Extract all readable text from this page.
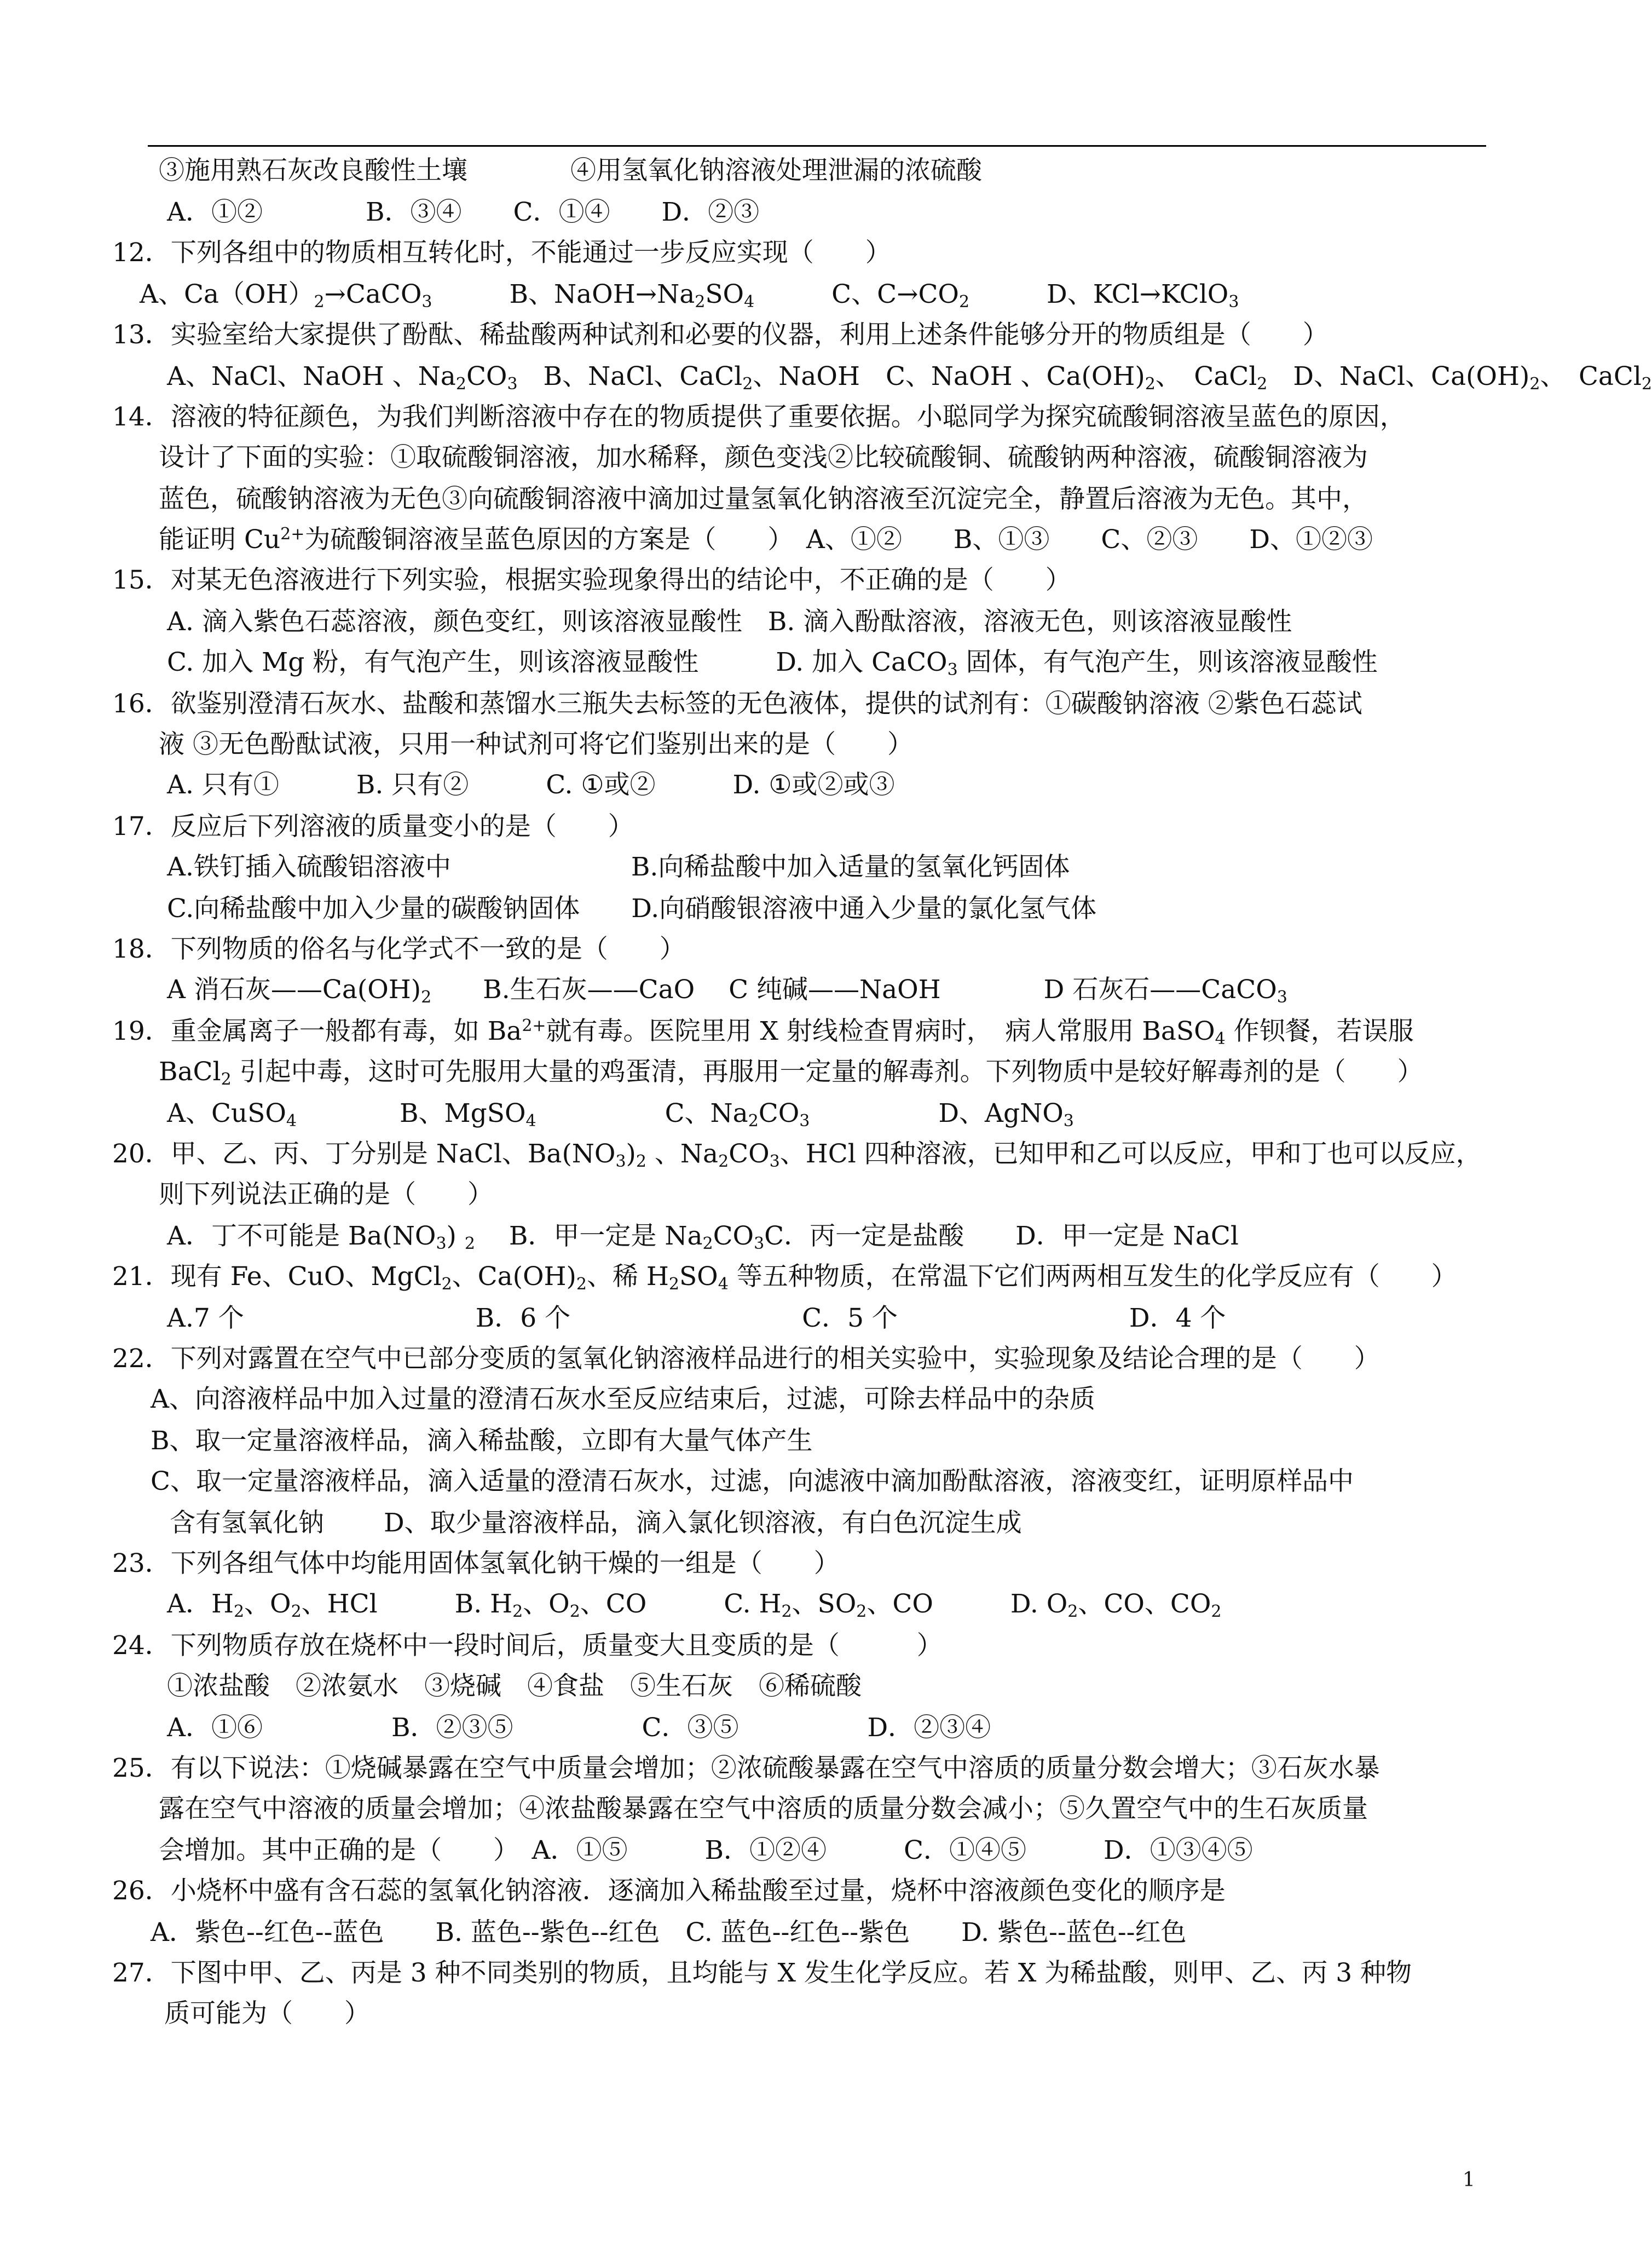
③施用熟石灰改良酸性土壤　　　　④用氢氧化钠溶液处理泄漏的浓硫酸
A．①②　　　　B．③④　　C．①④　　D．②③
12．下列各组中的物质相互转化时，不能通过一步反应实现（　　）
A、$Ca(OH)_2\to CaCO_3$　　　B、$NaOH\to Na_2SO_4$　　　C、$C\to CO_2$　　　D、KCl→KClO$_3$
13．实验室给大家提供了酚酞、稀盐酸两种试剂和必要的仪器，利用上述条件能够分开的物质组是（　　）
A、NaCl、NaOH 、$Na_2CO_3$　B、NaCl、CaCl$_2$、NaOH　C、NaOH 、$Ca(OH)_2$、　CaCl$_2$　D、NaCl、$Ca(OH)_2$、　CaCl$_2$
14．溶液的特征颜色，为我们判断溶液中存在的物质提供了重要依据。小聪同学为探究硫酸铜溶液呈蓝色的原因，
设计了下面的实验：①取硫酸铜溶液，加水稀释，颜色变浅②比较硫酸铜、硫酸钠两种溶液，硫酸铜溶液为
蓝色，硫酸钠溶液为无色③向硫酸铜溶液中滴加过量氢氧化钠溶液至沉淀完全，静置后溶液为无色。其中，
能证明 $Cu^{2+}$为硫酸铜溶液呈蓝色原因的方案是（　　）　A、①②　　B、①③　　C、②③　　D、①②③
15．对某无色溶液进行下列实验，根据实验现象得出的结论中，不正确的是（　　）
A. 滴入紫色石蕊溶液，颜色变红，则该溶液显酸性　B. 滴入酚酞溶液，溶液无色，则该溶液显酸性
C. 加入 Mg 粉，有气泡产生，则该溶液显酸性　　　D. 加入 CaCO$_3$ 固体，有气泡产生，则该溶液显酸性
16．欲鉴别澄清石灰水、盐酸和蒸馏水三瓶失去标签的无色液体，提供的试剂有：①碳酸钠溶液 ②紫色石蕊试
液 ③无色酚酞试液，只用一种试剂可将它们鉴别出来的是（　　）
A. 只有①　　　B. 只有②　　　C. ①或②　　　D. ①或②或③
17．反应后下列溶液的质量变小的是（　　）
A.铁钉插入硫酸铝溶液中　　　　　　　B.向稀盐酸中加入适量的氢氧化钙固体
C.向稀盐酸中加入少量的碳酸钠固体　　D.向硝酸银溶液中通入少量的氯化氢气体
18．下列物质的俗名与化学式不一致的是（　　）
A 消石灰$——Ca(OH)_2$　　B.生石灰——CaO　 C 纯碱——NaOH　　　　D 石灰石——CaCO$_3$
19．重金属离子一般都有毒，如 $Ba^{2+}$就有毒。医院里用 X 射线检查胃病时，　病人常服用 BaSO$_4$ 作钡餐，若误服
BaCl$_2$ 引起中毒，这时可先服用大量的鸡蛋清，再服用一定量的解毒剂。下列物质中是较好解毒剂的是（　　）
A、CuSO$_4$　　　　B、MgSO$_4$　　　　　C、$Na_2CO_3$　　　　　D、AgNO$_3$
20．甲、乙、丙、丁分别是 NaCl、$Ba(NO_3)_2$ 、$Na_2CO_3$、HCl 四种溶液，已知甲和乙可以反应，甲和丁也可以反应，
则下列说法正确的是（　　）
A．丁不可能是 $Ba(NO_3)$ $_2$　 B．甲一定是 $Na_2CO_3C$．丙一定是盐酸　　D．甲一定是 NaCl
21．现有 Fe、CuO、MgCl$_2$、$Ca(OH)_2$、稀 $H_2SO_4$ 等五种物质，在常温下它们两两相互发生的化学反应有（　　）
A.7 个　　　　　　　　　B．6 个　　　　　　　　　C．5 个　　　　　　　　　D．4 个
22．下列对露置在空气中已部分变质的氢氧化钠溶液样品进行的相关实验中，实验现象及结论合理的是（　　）
A、向溶液样品中加入过量的澄清石灰水至反应结束后，过滤，可除去样品中的杂质
B、取一定量溶液样品，滴入稀盐酸，立即有大量气体产生
C、取一定量溶液样品，滴入适量的澄清石灰水，过滤，向滤液中滴加酚酞溶液，溶液变红，证明原样品中
含有氢氧化钠　　 D、取少量溶液样品，滴入氯化钡溶液，有白色沉淀生成
23．下列各组气体中均能用固体氢氧化钠干燥的一组是（　　）
A．$H_2$、$O_2$、HCl　　　B. $H_2$、$O_2$、CO　　　C. $H_2$、$SO_2$、CO　　　D. $O_2$、CO、$CO_2$
24．下列物质存放在烧杯中一段时间后，质量变大且变质的是（　　　）
①浓盐酸　②浓氨水　③烧碱　④食盐　⑤生石灰　⑥稀硫酸
A．①⑥　　　　　B．②③⑤　　　　　C．③⑤　　　　　D．②③④
25．有以下说法：①烧碱暴露在空气中质量会增加；②浓硫酸暴露在空气中溶质的质量分数会增大；③石灰水暴
露在空气中溶液的质量会增加；④浓盐酸暴露在空气中溶质的质量分数会减小；⑤久置空气中的生石灰质量
会增加。其中正确的是（　　）　A．①⑤　　　B．①②④　　　C．①④⑤　　　D．①③④⑤
26．小烧杯中盛有含石蕊的氢氧化钠溶液．逐滴加入稀盐酸至过量，烧杯中溶液颜色变化的顺序是
A．紫色--红色--蓝色　　B. 蓝色--紫色--红色　C. 蓝色--红色--紫色　　D. 紫色--蓝色--红色
27．下图中甲、乙、丙是 3 种不同类别的物质，且均能与 X 发生化学反应。若 X 为稀盐酸，则甲、乙、丙 3 种物
质可能为（　　）
1
